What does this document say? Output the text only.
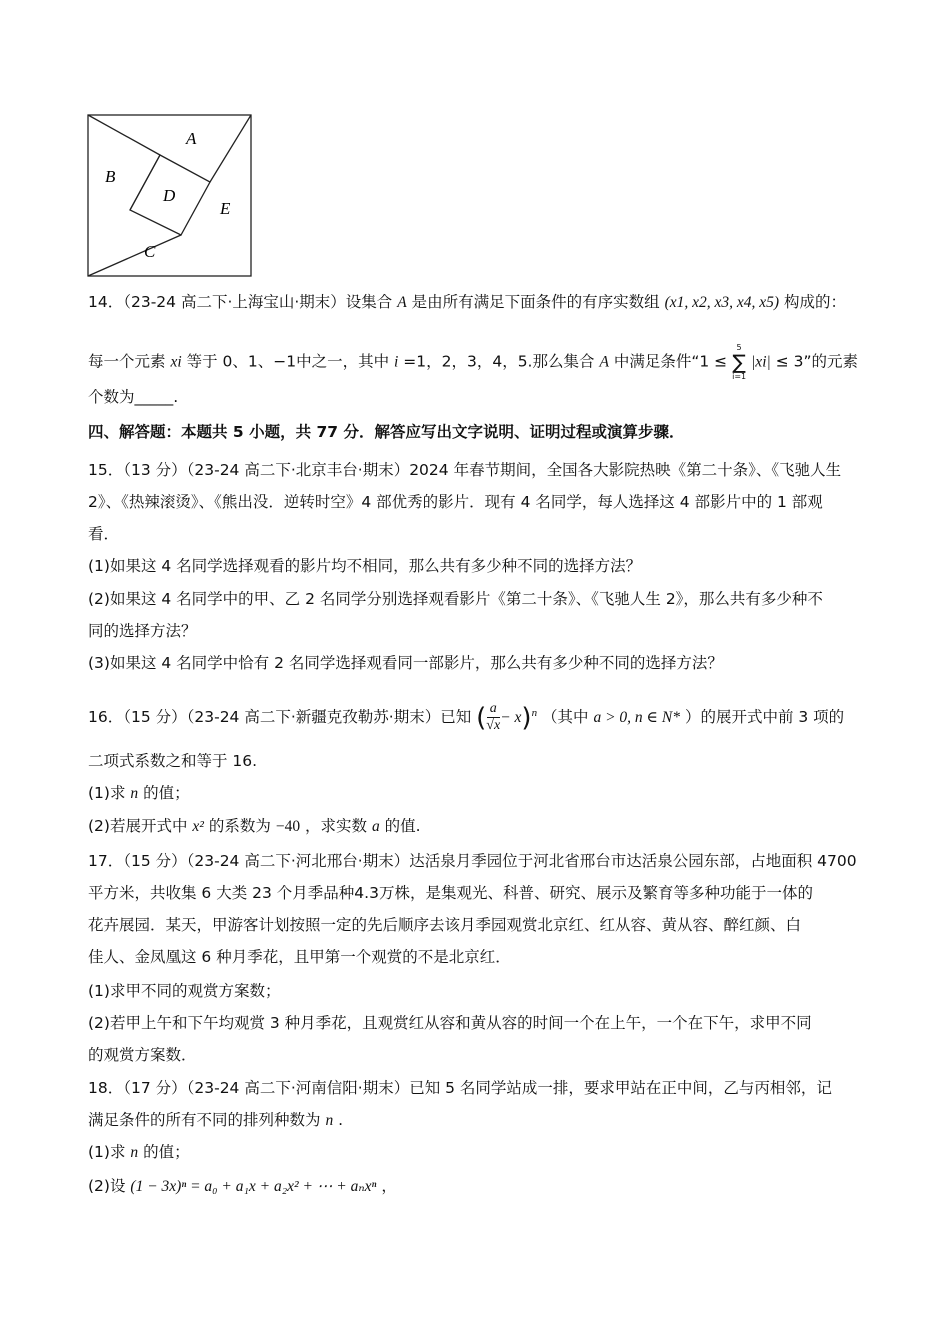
A
B
C
D
E
14．（23-24 高二下·上海宝山·期末）设集合 A 是由所有满足下面条件的有序实数组 (x1, x2, x3, x4, x5) 构成的：
每一个元素 xi 等于 0、1、−1中之一，其中 i =1，2，3，4，5.那么集合 A 中满足条件“1 ≤
5
∑
i=1
|xi| ≤ 3”的元素
个数为_____.
四、解答题：本题共 5 小题，共 77 分．解答应写出文字说明、证明过程或演算步骤．
15．（13 分）（23-24 高二下·北京丰台·期末）2024 年春节期间，全国各大影院热映《第二十条》、《飞驰人生
2》、《热辣滚烫》、《熊出没．逆转时空》4 部优秀的影片．现有 4 名同学，每人选择这 4 部影片中的 1 部观
看．
(1)如果这 4 名同学选择观看的影片均不相同，那么共有多少种不同的选择方法？
(2)如果这 4 名同学中的甲、乙 2 名同学分别选择观看影片《第二十条》、《飞驰人生 2》，那么共有多少种不
同的选择方法？
(3)如果这 4 名同学中恰有 2 名同学选择观看同一部影片，那么共有多少种不同的选择方法？
16．（15 分）（23-24 高二下·新疆克孜勒苏·期末）已知 ( $\frac{a}{√x} - x)^n$ （其中 a > 0, n ∈ N* ）的展开式中前 3 项的
二项式系数之和等于 16.
(1)求 n 的值；
(2)若展开式中 x² 的系数为 −40 ，求实数 a 的值.
17．（15 分）（23-24 高二下·河北邢台·期末）达活泉月季园位于河北省邢台市达活泉公园东部，占地面积 4700
平方米，共收集 6 大类 23 个月季品种4.3万株，是集观光、科普、研究、展示及繁育等多种功能于一体的
花卉展园．某天，甲游客计划按照一定的先后顺序去该月季园观赏北京红、红从容、黄从容、醉红颜、白
佳人、金凤凰这 6 种月季花，且甲第一个观赏的不是北京红．
(1)求甲不同的观赏方案数；
(2)若甲上午和下午均观赏 3 种月季花，且观赏红从容和黄从容的时间一个在上午，一个在下午，求甲不同
的观赏方案数．
18．（17 分）（23-24 高二下·河南信阳·期末）已知 5 名同学站成一排，要求甲站在正中间，乙与丙相邻，记
满足条件的所有不同的排列种数为 n .
(1)求 n 的值；
(2)设 (1 − 3x)ⁿ = a₀ + a₁x + a₂x² + ⋯ + aₙxⁿ ，
